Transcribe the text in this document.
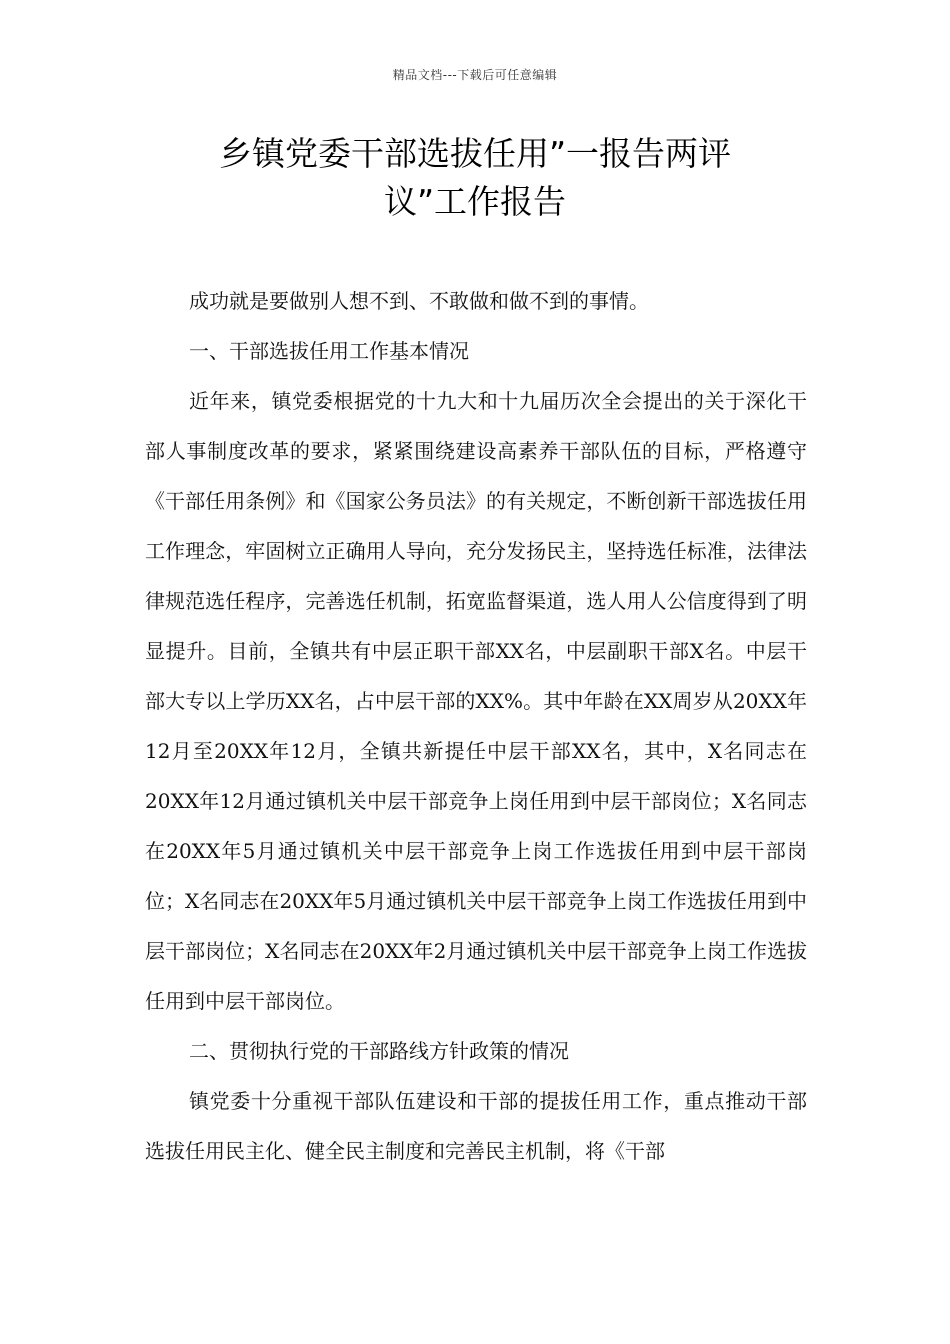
精品文档---下载后可任意编辑
乡镇党委干部选拔任用”一报告两评
议”工作报告

成功就是要做别人想不到、不敢做和做不到的事情。

一、干部选拔任用工作基本情况

近年来，镇党委根据党的十九大和十九届历次全会提出的关于深化干部人事制度改革的要求，紧紧围绕建设高素养干部队伍的目标，严格遵守《干部任用条例》和《国家公务员法》的有关规定，不断创新干部选拔任用工作理念，牢固树立正确用人导向，充分发扬民主，坚持选任标准，法律法律规范选任程序，完善选任机制，拓宽监督渠道，选人用人公信度得到了明显提升。目前，全镇共有中层正职干部XX名，中层副职干部X名。中层干部大专以上学历XX名，占中层干部的XX%。其中年龄在XX周岁从20XX年12月至20XX年12月，全镇共新提任中层干部XX名，其中，X名同志在20XX年12月通过镇机关中层干部竞争上岗任用到中层干部岗位；X名同志在20XX年5月通过镇机关中层干部竞争上岗工作选拔任用到中层干部岗位；X名同志在20XX年5月通过镇机关中层干部竞争上岗工作选拔任用到中层干部岗位；X名同志在20XX年2月通过镇机关中层干部竞争上岗工作选拔任用到中层干部岗位。

二、贯彻执行党的干部路线方针政策的情况

镇党委十分重视干部队伍建设和干部的提拔任用工作，重点推动干部选拔任用民主化、健全民主制度和完善民主机制，将《干部
